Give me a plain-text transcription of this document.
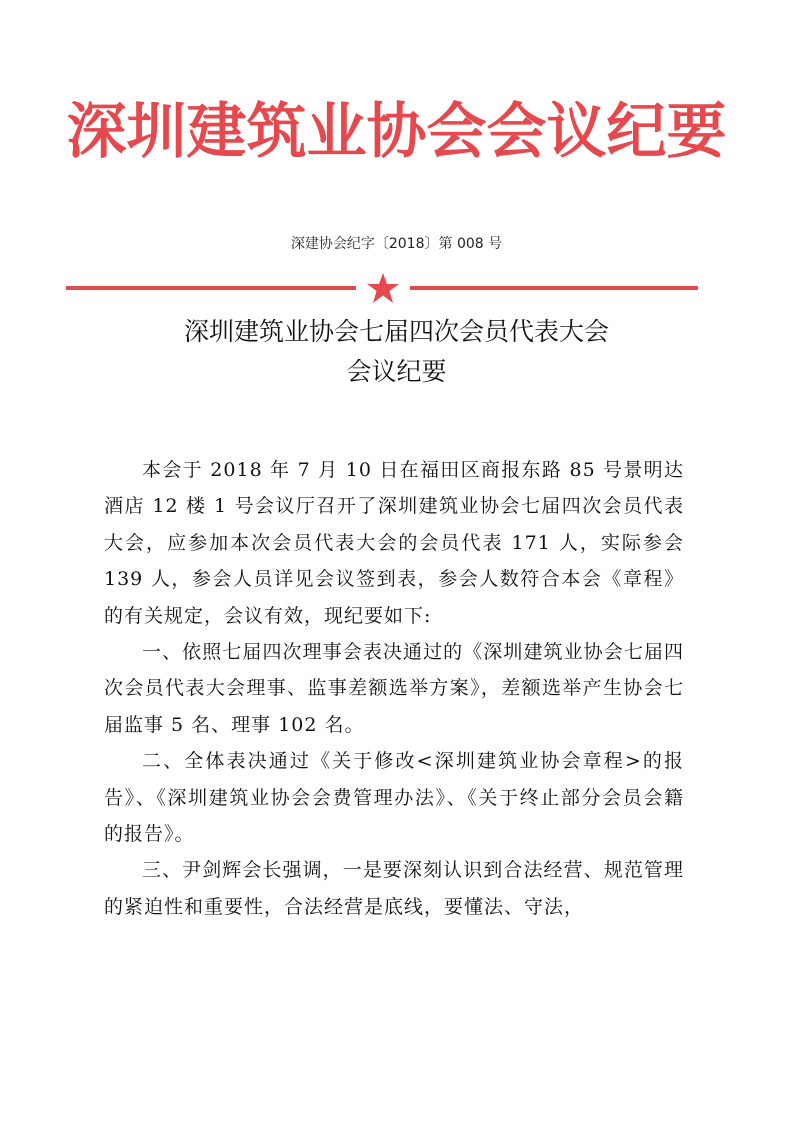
深圳建筑业协会会议纪要
深建协会纪字〔2018〕第 008 号
深圳建筑业协会七届四次会员代表大会
会议纪要

本会于 2018 年 7 月 10 日在福田区商报东路 85 号景明达酒店 12 楼 1 号会议厅召开了深圳建筑业协会七届四次会员代表大会，应参加本次会员代表大会的会员代表 171 人，实际参会 139 人，参会人员详见会议签到表，参会人数符合本会《章程》的有关规定，会议有效，现纪要如下:

一、依照七届四次理事会表决通过的《深圳建筑业协会七届四次会员代表大会理事、监事差额选举方案》，差额选举产生协会七届监事 5 名、理事 102 名。

二、全体表决通过《关于修改<深圳建筑业协会章程>的报告》、《深圳建筑业协会会费管理办法》、《关于终止部分会员会籍的报告》。

三、尹剑辉会长强调，一是要深刻认识到合法经营、规范管理的紧迫性和重要性，合法经营是底线，要懂法、守法，
